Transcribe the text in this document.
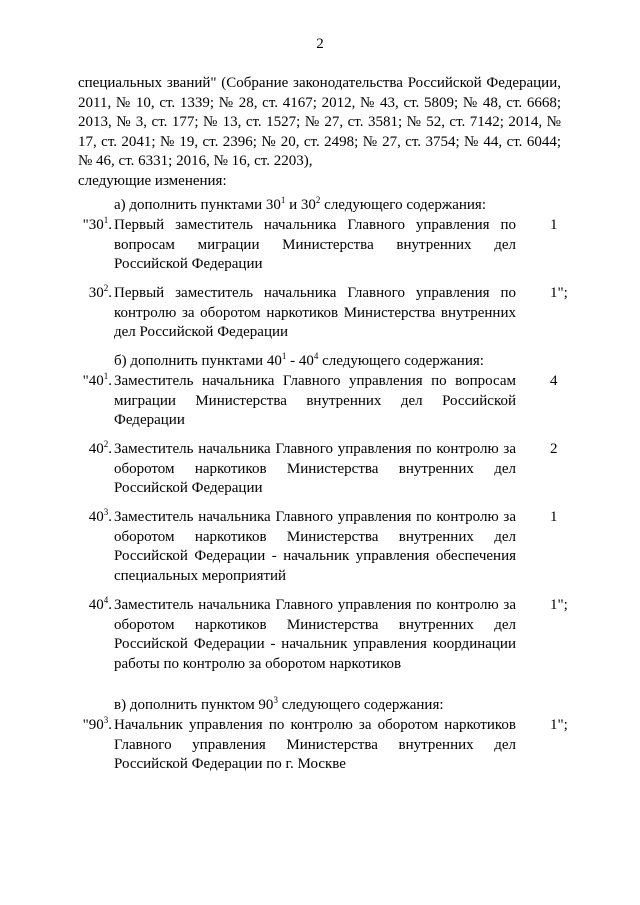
2
специальных званий" (Собрание законодательства Российской Федерации, 2011, № 10, ст. 1339; № 28, ст. 4167; 2012, № 43, ст. 5809; № 48, ст. 6668; 2013, № 3, ст. 177; № 13, ст. 1527; № 27, ст. 3581; № 52, ст. 7142; 2014, № 17, ст. 2041; № 19, ст. 2396; № 20, ст. 2498; № 27, ст. 3754; № 44, ст. 6044; № 46, ст. 6331; 2016, № 16, ст. 2203),
следующие изменения:
а) дополнить пунктами $30^1$ и $30^2$ следующего содержания:
"$30^1$. Первый заместитель начальника Главного управления по вопросам миграции Министерства внутренних дел Российской Федерации
1
$30^2$. Первый заместитель начальника Главного управления по контролю за оборотом наркотиков Министерства внутренних дел Российской Федерации
1";
б) дополнить пунктами $40^1 - 40^4$ следующего содержания:
"$40^1$. Заместитель начальника Главного управления по вопросам миграции Министерства внутренних дел Российской Федерации
4
$40^2$. Заместитель начальника Главного управления по контролю за оборотом наркотиков Министерства внутренних дел Российской Федерации
2
$40^3$. Заместитель начальника Главного управления по контролю за оборотом наркотиков Министерства внутренних дел Российской Федерации - начальник управления обеспечения специальных мероприятий
1
$40^4$. Заместитель начальника Главного управления по контролю за оборотом наркотиков Министерства внутренних дел Российской Федерации - начальник управления координации работы по контролю за оборотом наркотиков
1";
в) дополнить пунктом $90^3$ следующего содержания:
"$90^3$. Начальник управления по контролю за оборотом наркотиков Главного управления Министерства внутренних дел Российской Федерации по г. Москве
1";
